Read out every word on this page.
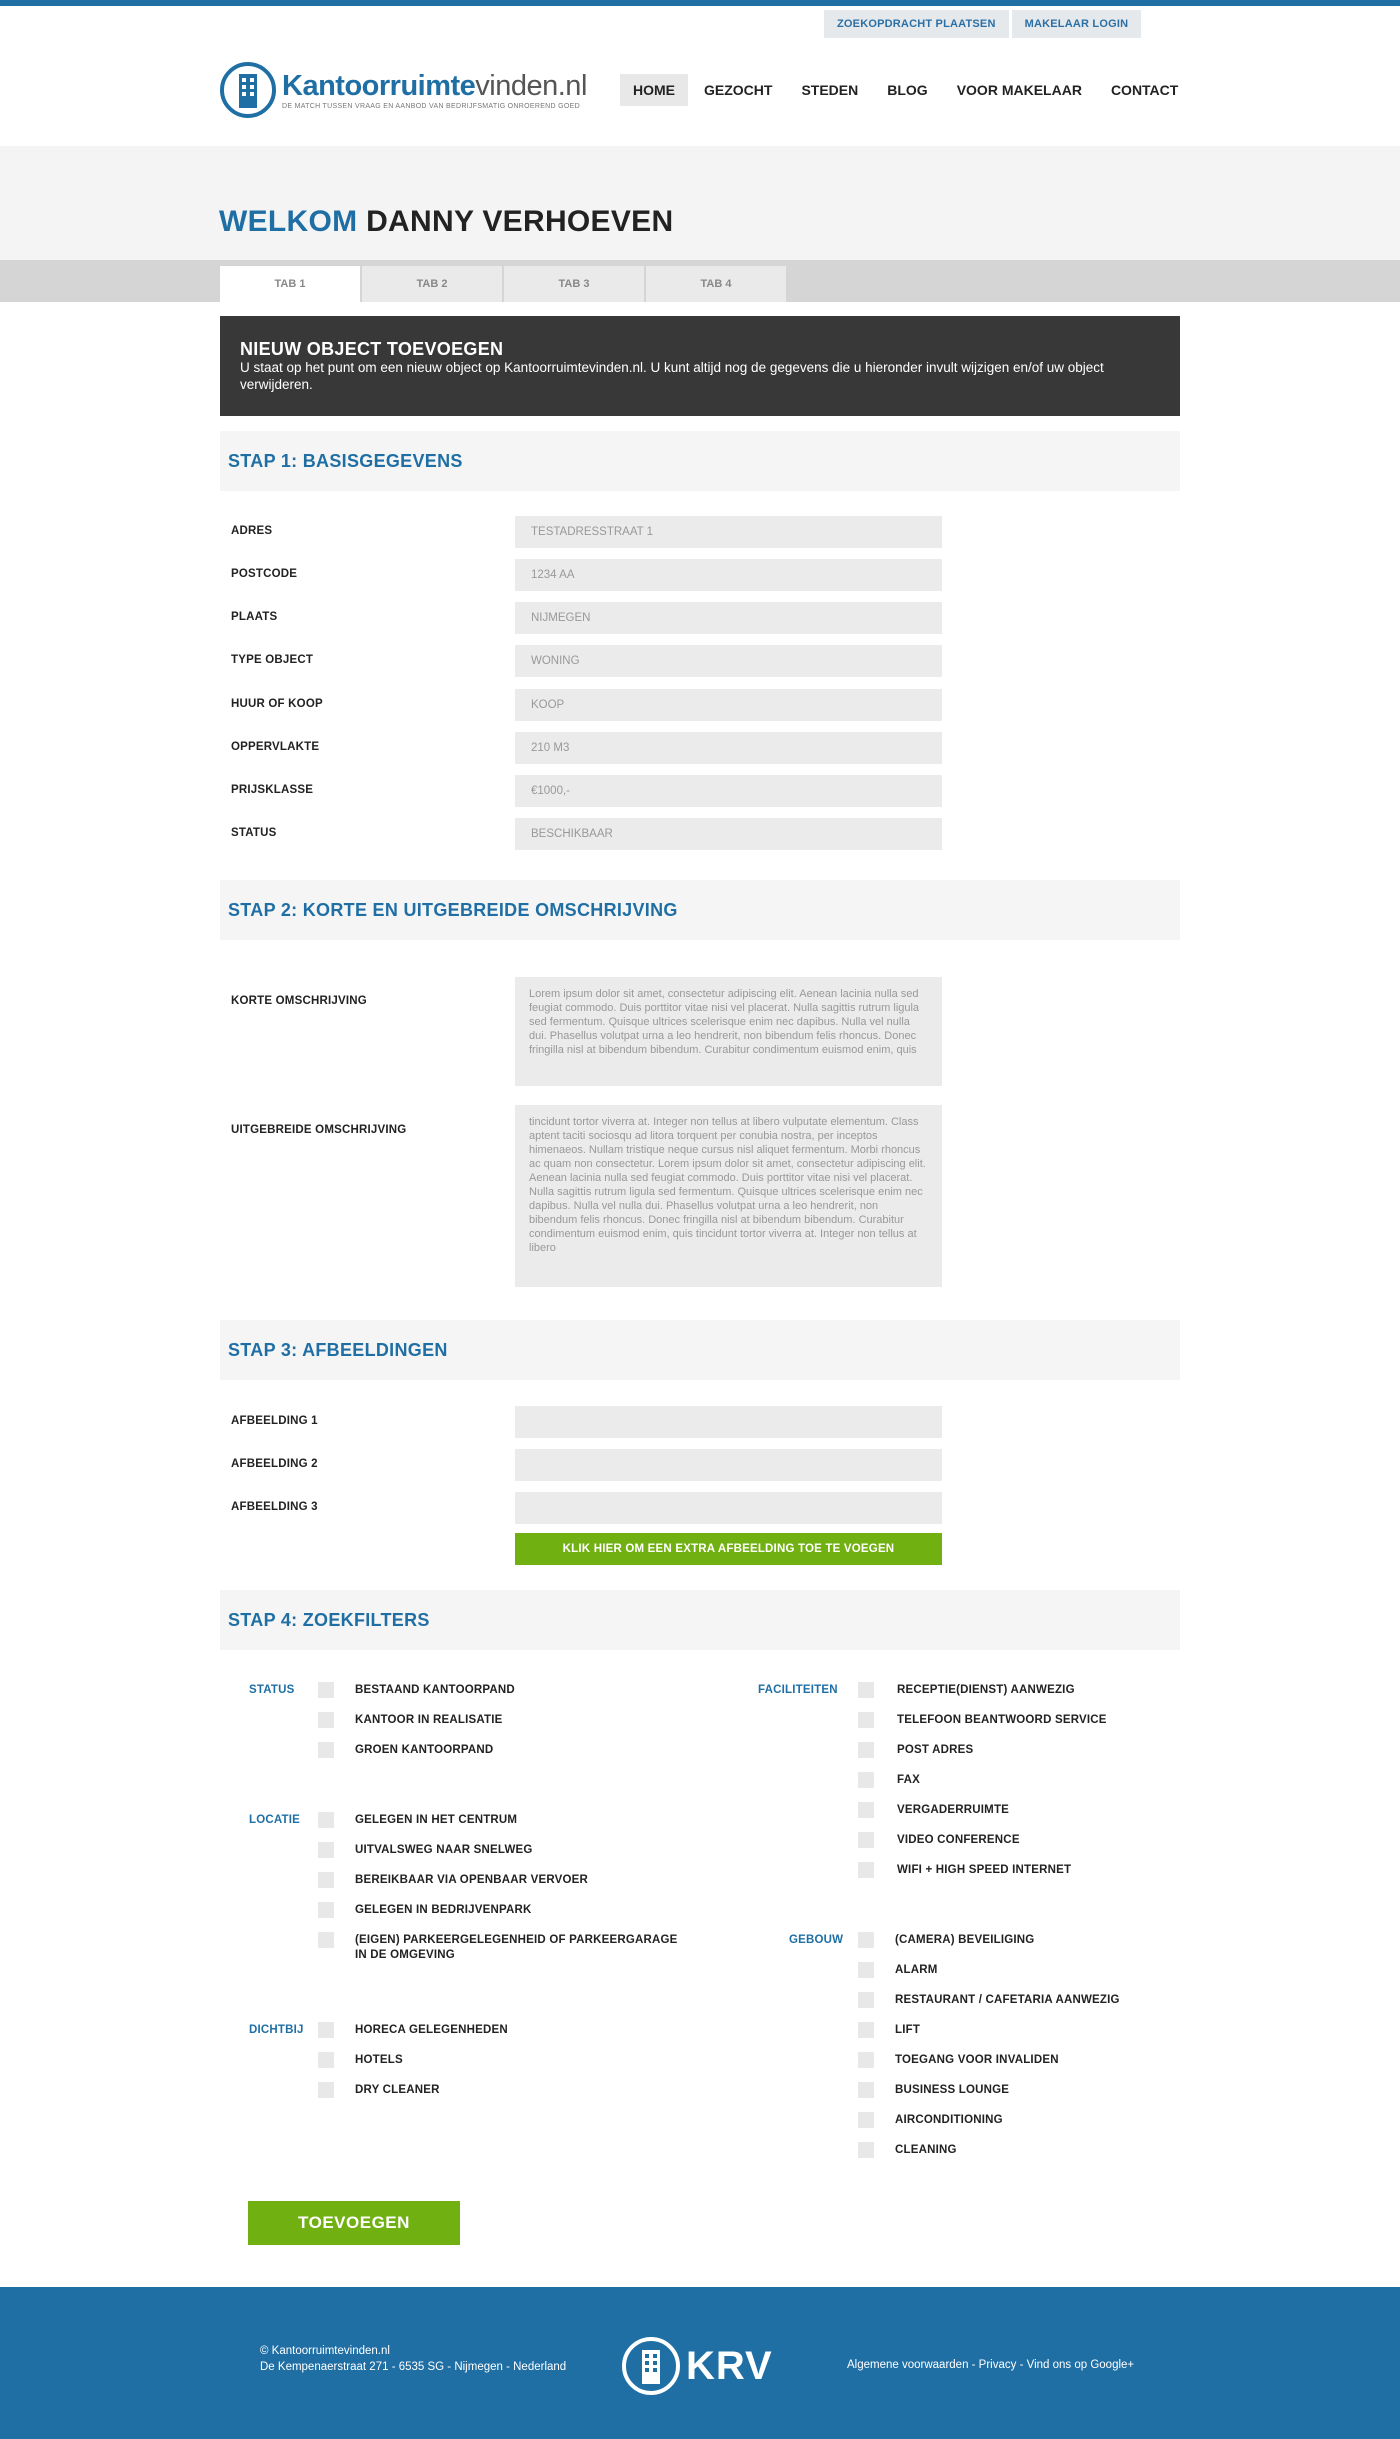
ZOEKOPDRACHT PLAATSEN	MAKELAAR LOGIN
Kantoorruimtevinden.nl
DE MATCH TUSSEN VRAAG EN AANBOD VAN BEDRIJFSMATIG ONROEREND GOED
HOME	GEZOCHT	STEDEN	BLOG	VOOR MAKELAAR	CONTACT
WELKOM DANNY VERHOEVEN
TAB 1	TAB 2	TAB 3	TAB 4
NIEUW OBJECT TOEVOEGEN

U staat op het punt om een nieuw object op Kantoorruimtevinden.nl. U kunt altijd nog de gegevens die u hieronder invult wijzigen en/of uw object verwijderen.

STAP 1: BASISGEGEVENS
ADRES	TESTADRESSTRAAT 1
POSTCODE	1234 AA
PLAATS	NIJMEGEN
TYPE OBJECT	WONING
HUUR OF KOOP	KOOP
OPPERVLAKTE	210 M3
PRIJSKLASSE	€1000,-
STATUS	BESCHIKBAAR
STAP 2: KORTE EN UITGEBREIDE OMSCHRIJVING
KORTE OMSCHRIJVING
Lorem ipsum dolor sit amet, consectetur adipiscing elit. Aenean lacinia nulla sed feugiat commodo. Duis porttitor vitae nisi vel placerat. Nulla sagittis rutrum ligula sed fermentum. Quisque ultrices scelerisque enim nec dapibus. Nulla vel nulla dui. Phasellus volutpat urna a leo hendrerit, non bibendum felis rhoncus. Donec fringilla nisl at bibendum bibendum. Curabitur condimentum euismod enim, quis
UITGEBREIDE OMSCHRIJVING
tincidunt tortor viverra at. Integer non tellus at libero vulputate elementum. Class aptent taciti sociosqu ad litora torquent per conubia nostra, per inceptos himenaeos. Nullam tristique neque cursus nisl aliquet fermentum. Morbi rhoncus ac quam non consectetur. Lorem ipsum dolor sit amet, consectetur adipiscing elit. Aenean lacinia nulla sed feugiat commodo. Duis porttitor vitae nisi vel placerat. Nulla sagittis rutrum ligula sed fermentum. Quisque ultrices scelerisque enim nec dapibus. Nulla vel nulla dui. Phasellus volutpat urna a leo hendrerit, non bibendum felis rhoncus. Donec fringilla nisl at bibendum bibendum. Curabitur condimentum euismod enim, quis tincidunt tortor viverra at. Integer non tellus at libero
STAP 3: AFBEELDINGEN
AFBEELDING 1
AFBEELDING 2
AFBEELDING 3
KLIK HIER OM EEN EXTRA AFBEELDING TOE TE VOEGEN
STAP 4: ZOEKFILTERS
STATUS	BESTAAND KANTOORPAND
KANTOOR IN REALISATIE
GROEN KANTOORPAND
LOCATIE	GELEGEN IN HET CENTRUM
UITVALSWEG NAAR SNELWEG
BEREIKBAAR VIA OPENBAAR VERVOER
GELEGEN IN BEDRIJVENPARK
(EIGEN) PARKEERGELEGENHEID OF PARKEERGARAGE IN DE OMGEVING
DICHTBIJ	HORECA GELEGENHEDEN
HOTELS
DRY CLEANER
FACILITEITEN	RECEPTIE(DIENST) AANWEZIG
TELEFOON BEANTWOORD SERVICE
POST ADRES
FAX
VERGADERRUIMTE
VIDEO CONFERENCE
WIFI + HIGH SPEED INTERNET
GEBOUW	(CAMERA) BEVEILIGING
ALARM
RESTAURANT / CAFETARIA AANWEZIG
LIFT
TOEGANG VOOR INVALIDEN
BUSINESS LOUNGE
AIRCONDITIONING
CLEANING
TOEVOEGEN
© Kantoorruimtevinden.nl
De Kempenaerstraat 271 - 6535 SG - Nijmegen - Nederland	KRV	Algemene voorwaarden - Privacy - Vind ons op Google+
